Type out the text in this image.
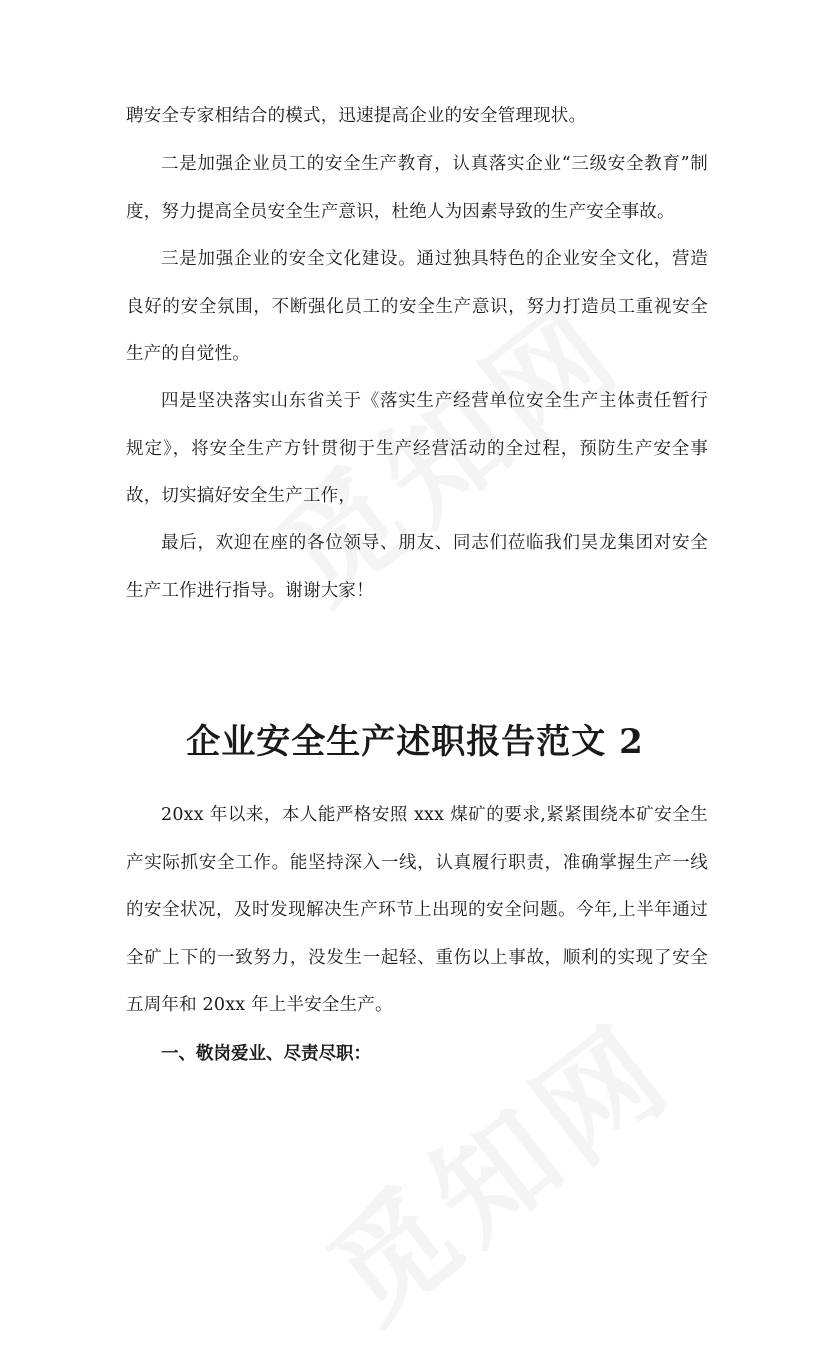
聘安全专家相结合的模式，迅速提高企业的安全管理现状。

二是加强企业员工的安全生产教育，认真落实企业“三级安全教育”制度，努力提高全员安全生产意识，杜绝人为因素导致的生产安全事故。

三是加强企业的安全文化建设。通过独具特色的企业安全文化，营造良好的安全氛围，不断强化员工的安全生产意识，努力打造员工重视安全生产的自觉性。

四是坚决落实山东省关于《落实生产经营单位安全生产主体责任暂行规定》，将安全生产方针贯彻于生产经营活动的全过程，预防生产安全事故，切实搞好安全生产工作，

最后，欢迎在座的各位领导、朋友、同志们莅临我们昊龙集团对安全生产工作进行指导。谢谢大家！

企业安全生产述职报告范文 2

20xx 年以来，本人能严格安照 xxx 煤矿的要求,紧紧围绕本矿安全生产实际抓安全工作。能坚持深入一线，认真履行职责，准确掌握生产一线的安全状况，及时发现解决生产环节上出现的安全问题。今年,上半年通过全矿上下的一致努力，没发生一起轻、重伤以上事故，顺利的实现了安全五周年和 20xx 年上半安全生产。

一、敬岗爱业、尽责尽职：
